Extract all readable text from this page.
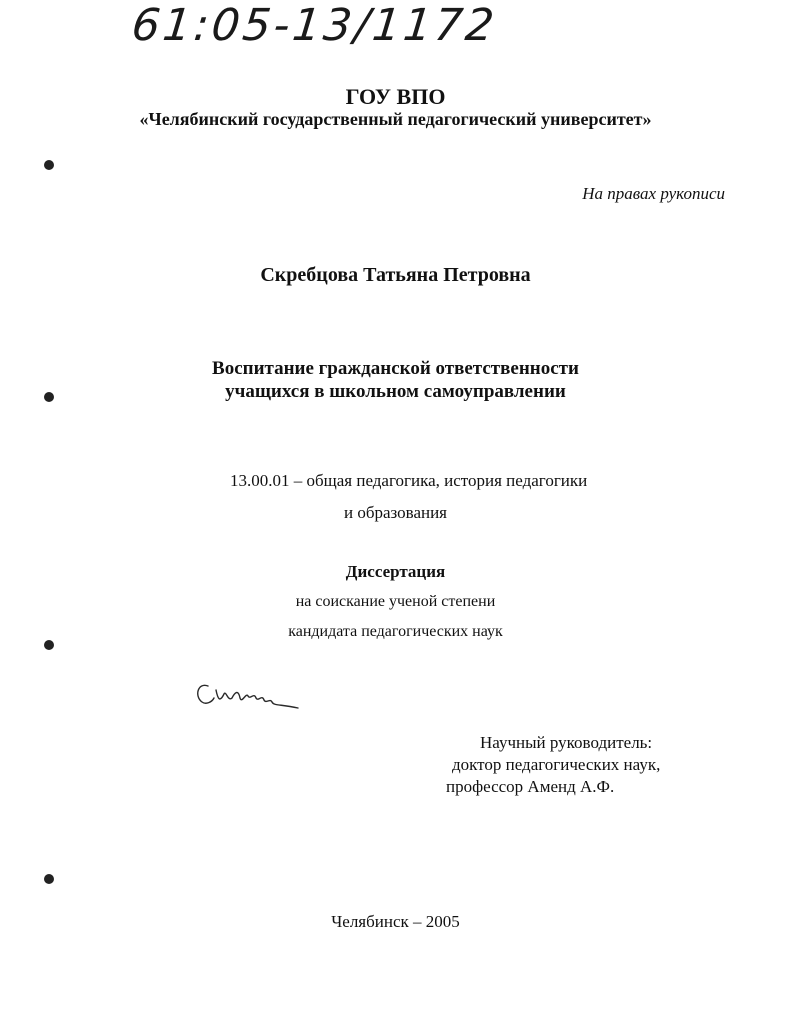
61:05-13/1172
ГОУ ВПО
«Челябинский государственный педагогический университет»
На правах рукописи
Скребцова Татьяна Петровна
Воспитание гражданской ответственности
учащихся в школьном самоуправлении
13.00.01 – общая педагогика, история педагогики
и образования
Диссертация
на соискание ученой степени
кандидата педагогических наук
Научный руководитель:
доктор педагогических наук,
профессор Аменд А.Ф.
Челябинск – 2005
